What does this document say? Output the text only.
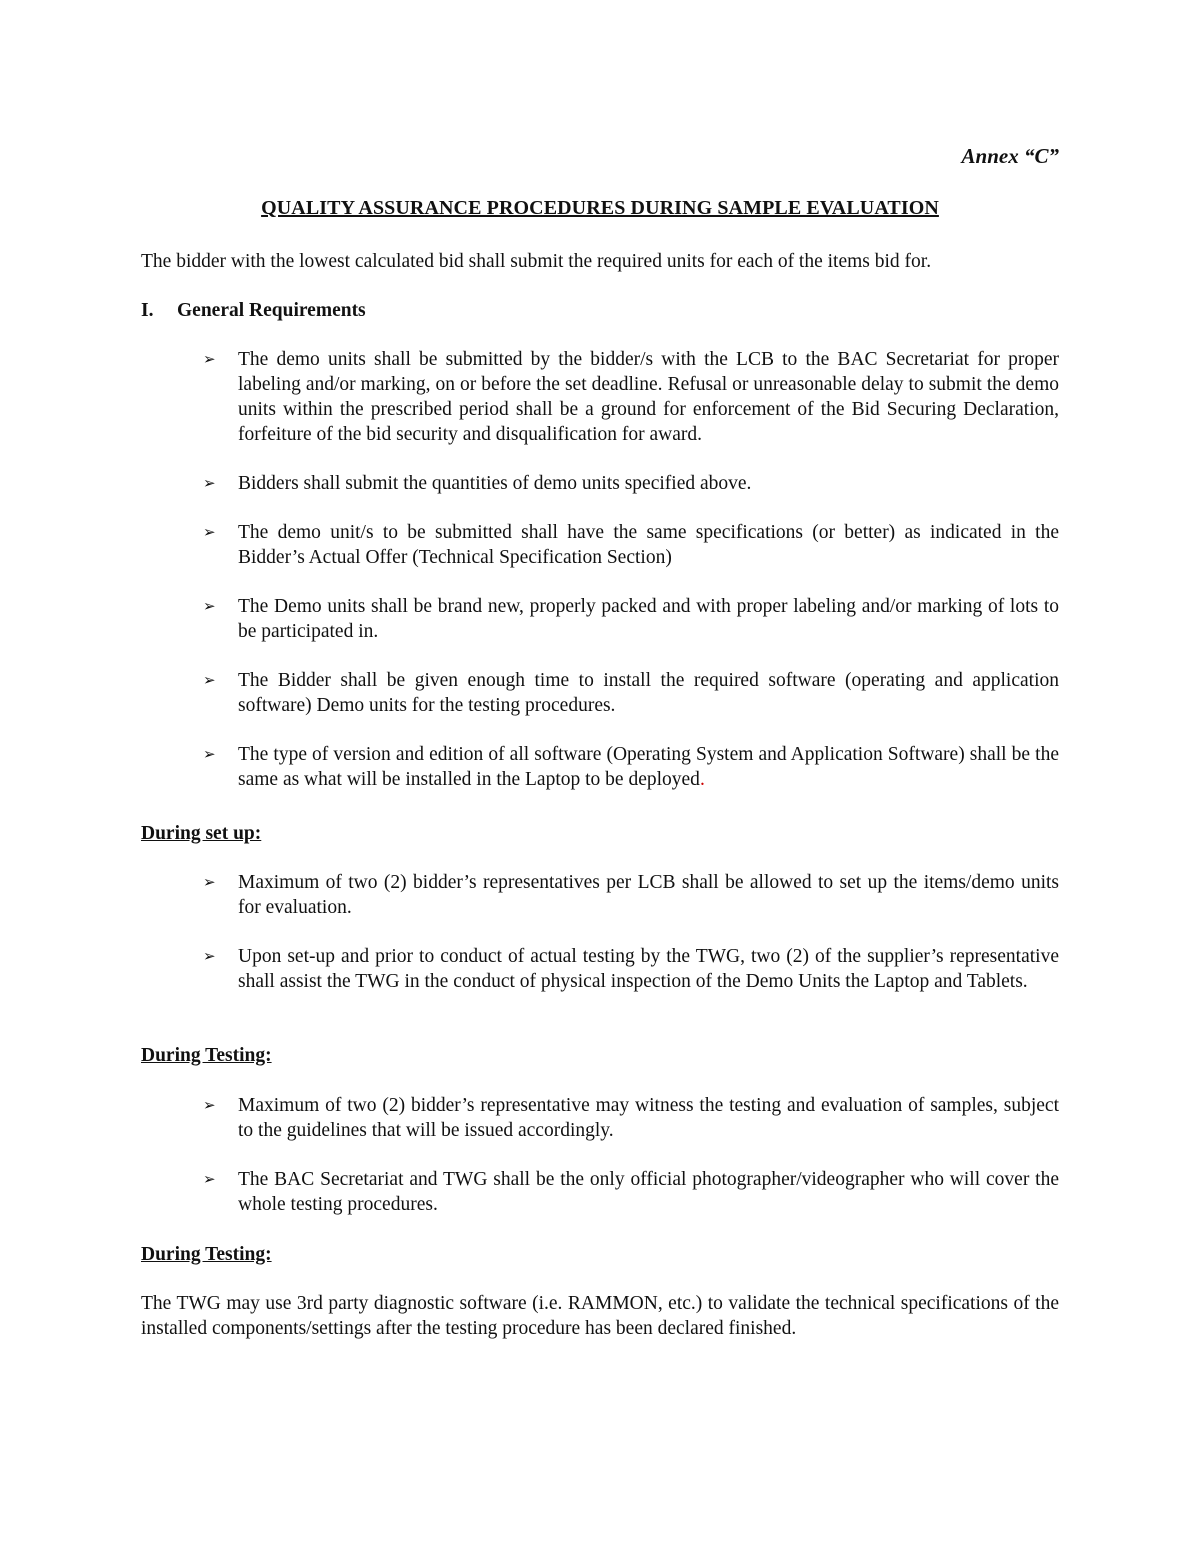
Annex “C”
QUALITY ASSURANCE PROCEDURES DURING SAMPLE EVALUATION
The bidder with the lowest calculated bid shall submit the required units for each of the items bid for.
I. General Requirements
➢ The demo units shall be submitted by the bidder/s with the LCB to the BAC Secretariat for proper labeling and/or marking, on or before the set deadline. Refusal or unreasonable delay to submit the demo units within the prescribed period shall be a ground for enforcement of the Bid Securing Declaration, forfeiture of the bid security and disqualification for award.
➢ Bidders shall submit the quantities of demo units specified above.
➢ The demo unit/s to be submitted shall have the same specifications (or better) as indicated in the Bidder’s Actual Offer (Technical Specification Section)
➢ The Demo units shall be brand new, properly packed and with proper labeling and/or marking of lots to be participated in.
➢ The Bidder shall be given enough time to install the required software (operating and application software) Demo units for the testing procedures.
➢ The type of version and edition of all software (Operating System and Application Software) shall be the same as what will be installed in the Laptop to be deployed.
During set up:
➢ Maximum of two (2) bidder’s representatives per LCB shall be allowed to set up the items/demo units for evaluation.
➢ Upon set-up and prior to conduct of actual testing by the TWG, two (2) of the supplier’s representative shall assist the TWG in the conduct of physical inspection of the Demo Units the Laptop and Tablets.
During Testing:
➢ Maximum of two (2) bidder’s representative may witness the testing and evaluation of samples, subject to the guidelines that will be issued accordingly.
➢ The BAC Secretariat and TWG shall be the only official photographer/videographer who will cover the whole testing procedures.
During Testing:
The TWG may use 3rd party diagnostic software (i.e. RAMMON, etc.) to validate the technical specifications of the installed components/settings after the testing procedure has been declared finished.
